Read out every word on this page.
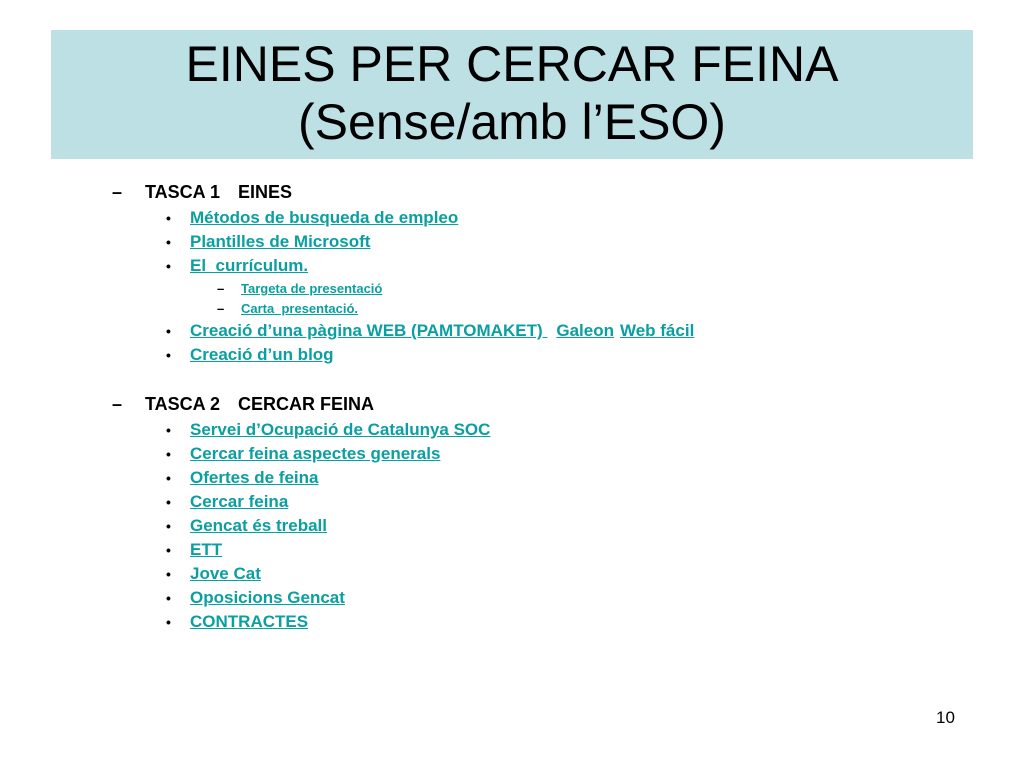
EINES PER CERCAR FEINA
(Sense/amb l’ESO)
– TASCA 1 EINES
• Métodos de busqueda de empleo
• Plantilles de Microsoft
• El  currículum.
– Targeta de presentació
– Carta  presentació.
• Creació d’una pàgina WEB (PAMTOMAKET) Galeon Web fácil
• Creació d’un blog
– TASCA 2 CERCAR FEINA
• Servei d’Ocupació de Catalunya SOC
• Cercar feina aspectes generals
• Ofertes de feina
• Cercar feina
• Gencat és treball
• ETT
• Jove Cat
• Oposicions Gencat
• CONTRACTES
10
